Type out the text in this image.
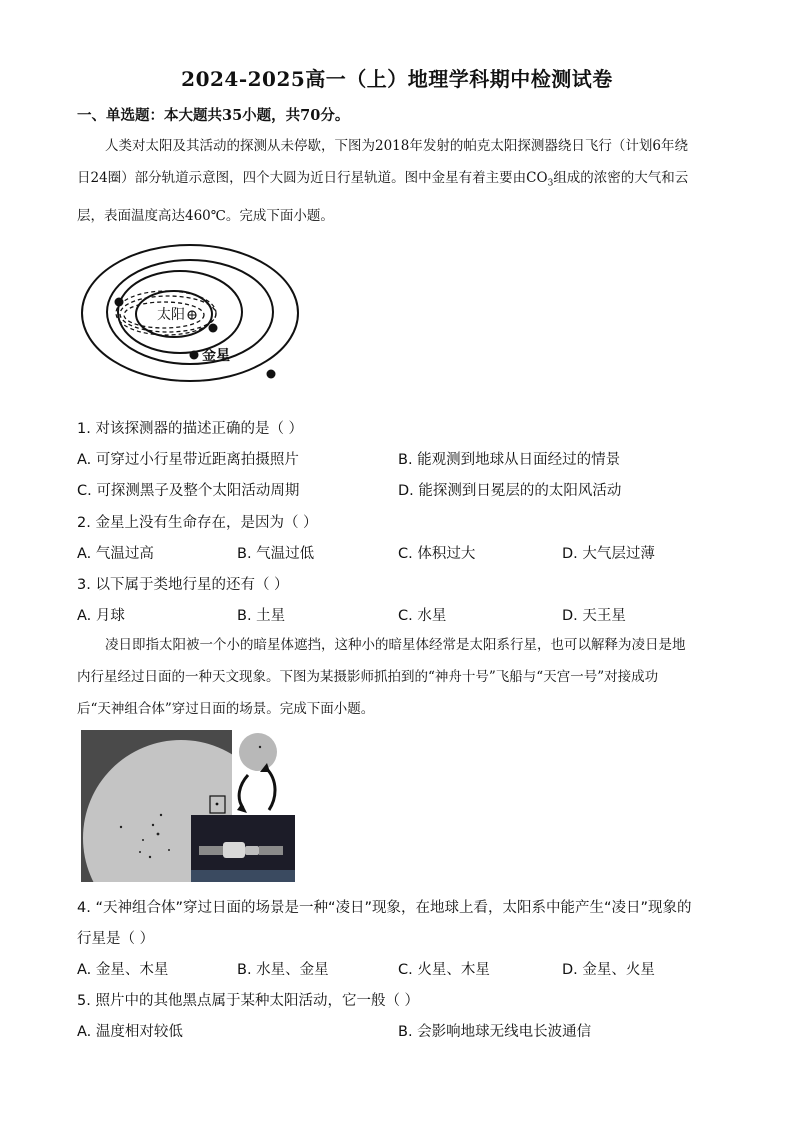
2024-2025高一（上）地理学科期中检测试卷
一、单选题：本大题共35小题，共70分。
人类对太阳及其活动的探测从未停歇，下图为2018年发射的帕克太阳探测器绕日飞行（计划6年绕
日24圈）部分轨道示意图，四个大圆为近日行星轨道。图中金星有着主要由$CO_3$组成的浓密的大气和云
层，表面温度高达460℃。完成下面小题。
太阳
金星
1. 对该探测器的描述正确的是（ ）
A. 可穿过小行星带近距离拍摄照片	B. 能观测到地球从日面经过的情景
C. 可探测黑子及整个太阳活动周期	D. 能探测到日冕层的的太阳风活动
2. 金星上没有生命存在，是因为（ ）
A. 气温过高	B. 气温过低	C. 体积过大	D. 大气层过薄
3. 以下属于类地行星的还有（ ）
A. 月球	B. 土星	C. 水星	D. 天王星
凌日即指太阳被一个小的暗星体遮挡，这种小的暗星体经常是太阳系行星，也可以解释为凌日是地
内行星经过日面的一种天文现象。下图为某摄影师抓拍到的“神舟十号”飞船与“天宫一号”对接成功
后“天神组合体”穿过日面的场景。完成下面小题。
4. “天神组合体”穿过日面的场景是一种“凌日”现象，在地球上看，太阳系中能产生“凌日”现象的
行星是（ ）
A. 金星、木星	B. 水星、金星	C. 火星、木星	D. 金星、火星
5. 照片中的其他黑点属于某种太阳活动，它一般（ ）
A. 温度相对较低	B. 会影响地球无线电长波通信
